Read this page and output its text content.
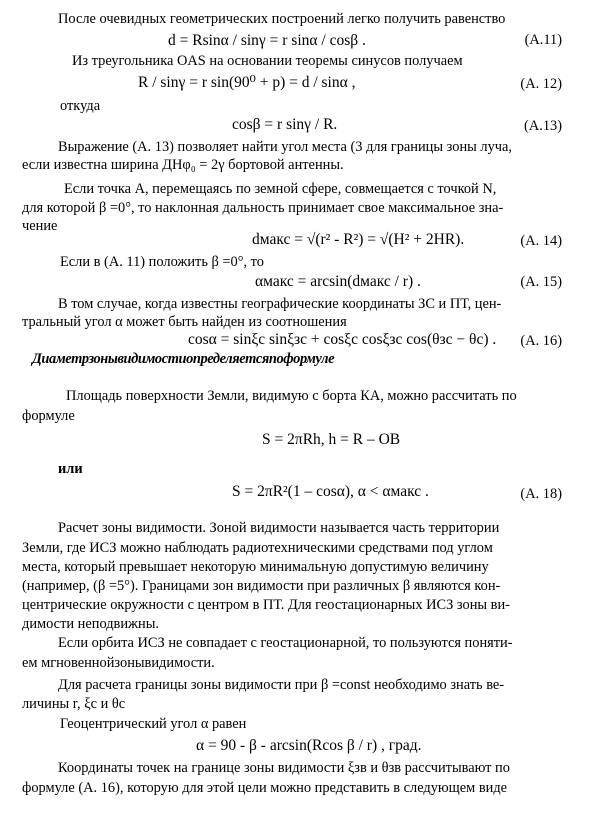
После очевидных геометрических построений легко получить равенство
d = Rsinα / sinγ = r sinα / cosβ .	(А.11)
Из треугольника OAS на основании теоремы синусов получаем
R / sinγ = r sin(90⁰ + p) = d / sinα ,	(А. 12)
откуда
cosβ = r sinγ / R.	(А.13)
Выражение (А. 13) позволяет найти угол места (3 для границы зоны луча,
если известна ширина ДНφ₀ = 2γ бортовой антенны.
Если точка А, перемещаясь по земной сфере, совмещается с точкой N,
для которой β =0°, то наклонная дальность принимает свое максимальное зна-
чение
dмакс = √(r² - R²) = √(H² + 2HR).	(А. 14)
Если в (А. 11) положить β =0°, то
αмакс = arcsin(dмакс / r) .	(А. 15)
В том случае, когда известны географические координаты ЗС и ПТ, цен-
тральный угол α может быть найден из соотношения
cosα = sinξс sinξзс + cosξс cosξзс cos(θзс − θс) . (А. 16)
Диаметрзонывидимостиопределяетсяпоформуле
Площадь поверхности Земли, видимую с борта КА, можно рассчитать по
формуле
S = 2πRh, h = R – OB
или
S = 2πR²(1 – cosα), α < αмакс .	(А. 18)
Расчет зоны видимости. Зоной видимости называется часть территории
Земли, где ИСЗ можно наблюдать радиотехническими средствами под углом
места, который превышает некоторую минимальную допустимую величину
(например, (β =5°). Границами зон видимости при различных β являются кон-
центрические окружности с центром в ПТ. Для геостационарных ИСЗ зоны ви-
димости неподвижны.
Если орбита ИСЗ не совпадает с геостационарной, то пользуются поняти-
ем мгновеннойзонывидимости.
Для расчета границы зоны видимости при β =const необходимо знать ве-
личины r, ξс и θс
Геоцентрический угол α равен
α = 90 - β - arcsin(Rcos β / r) , град.
Координаты точек на границе зоны видимости ξзв и θзв рассчитывают по
формуле (А. 16), которую для этой цели можно представить в следующем виде
